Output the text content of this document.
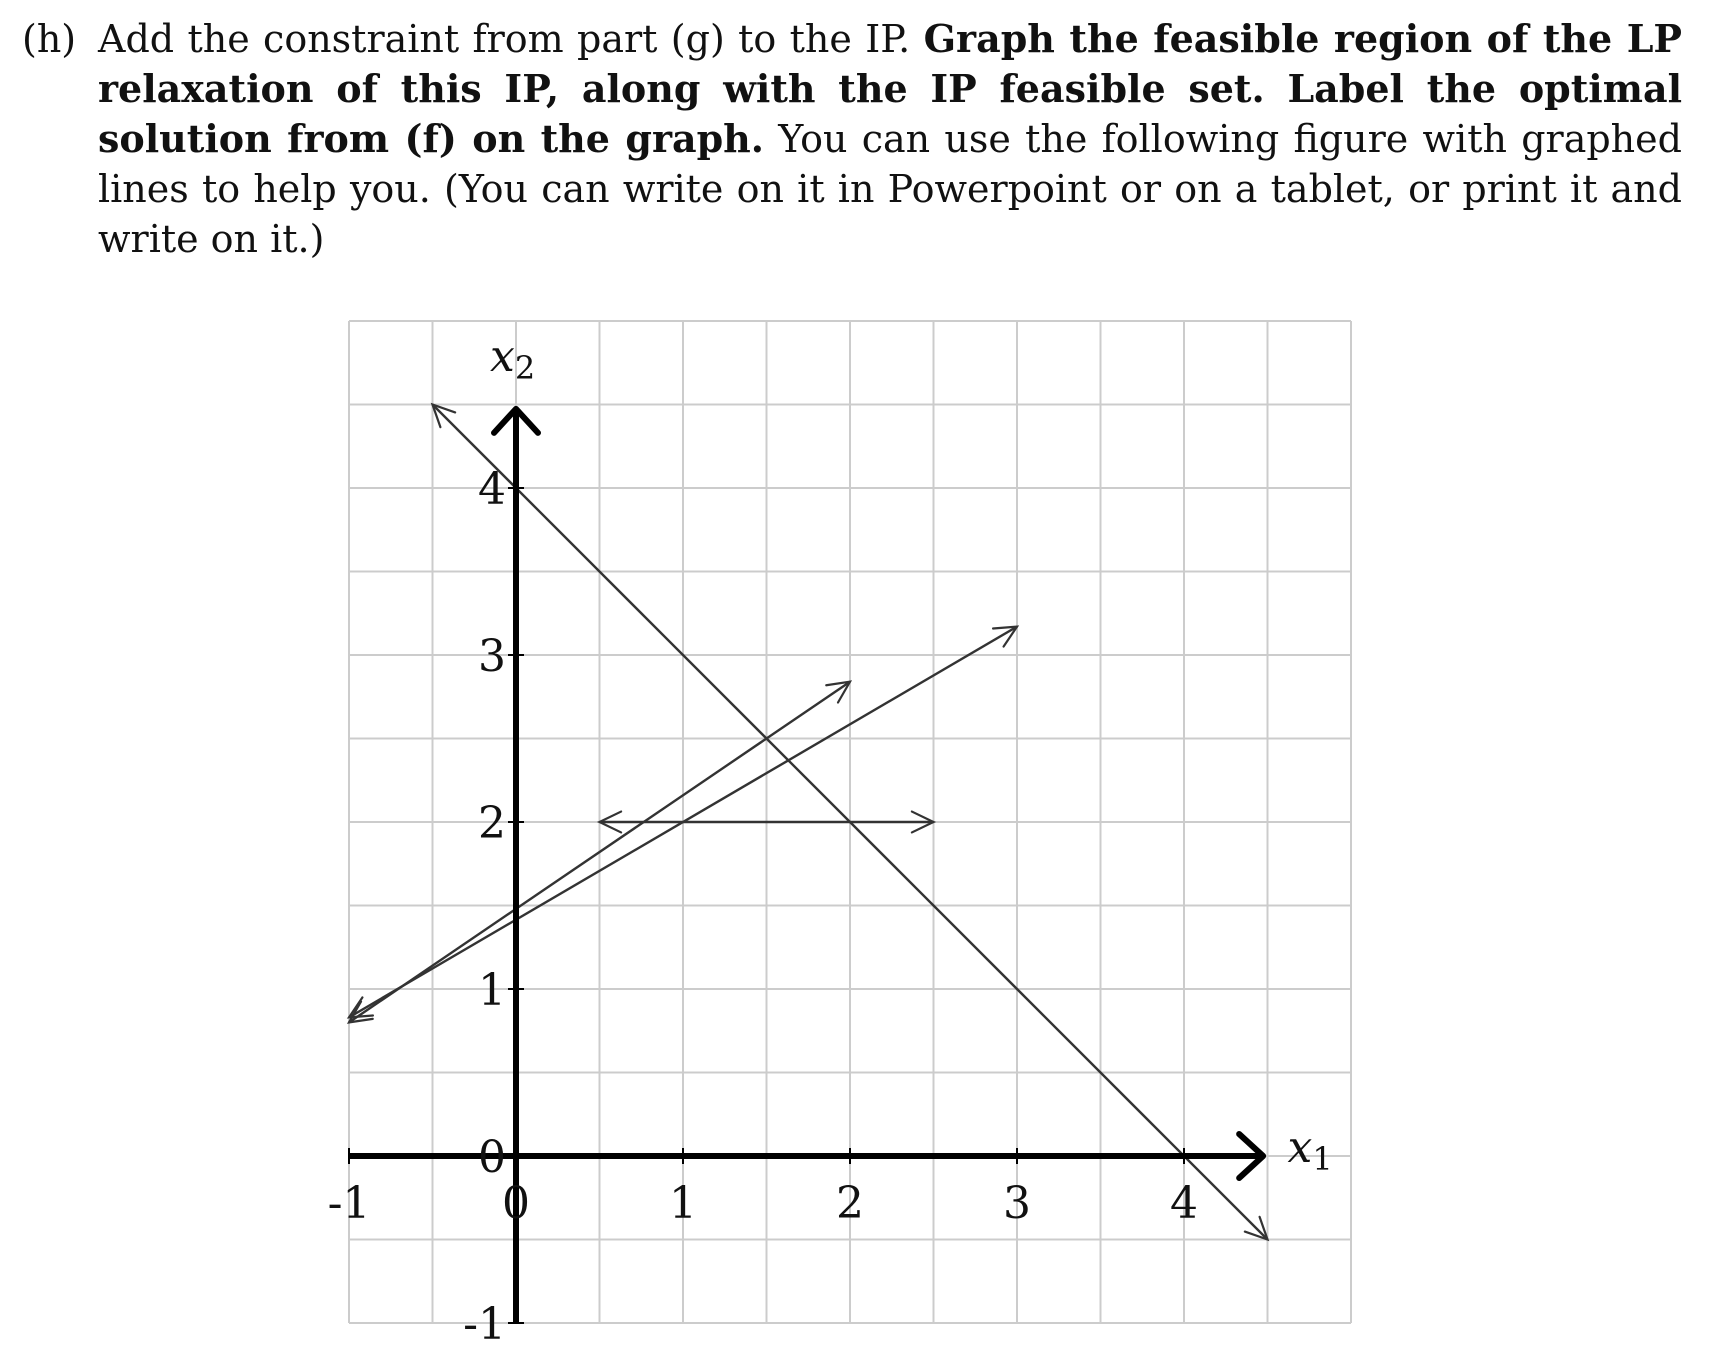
(h) Add the constraint from part (g) to the IP. Graph the feasible region of the LP relaxation of this IP, along with the IP feasible set. Label the optimal solution from (f) on the graph. You can use the following figure with graphed lines to help you. (You can write on it in Powerpoint or on a tablet, or print it and write on it.)
-1	0	1	2	3	4
-1
0
1
2
3
4
x2
x1
